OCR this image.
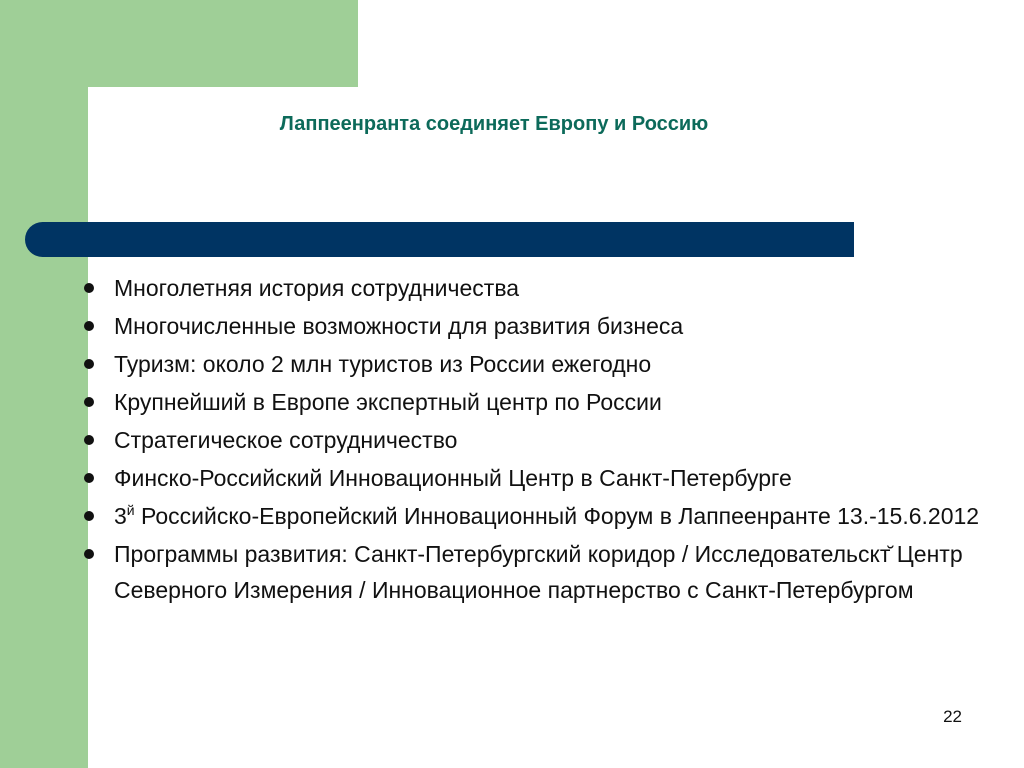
Лаппеенранта соединяет Европу и Россию
Многолетняя история сотрудничества
Многочисленные возможности для развития бизнеса
Туризм: около 2 млн туристов из России ежегодно
Крупнейший в Европе экспертный центр по России
Стратегическое сотрудничество
Финско-Российский Инновационный Центр в Санкт-Петербурге
$3^й$ Российско-Европейский Инновационный Форум в Лаппеенранте 13.-15.6.2012
Программы развития: Санкт-Петербургский коридор / Исследовательскт̆ Центр Северного Измерения / Инновационное партнерство с Санкт-Петербургом
22
